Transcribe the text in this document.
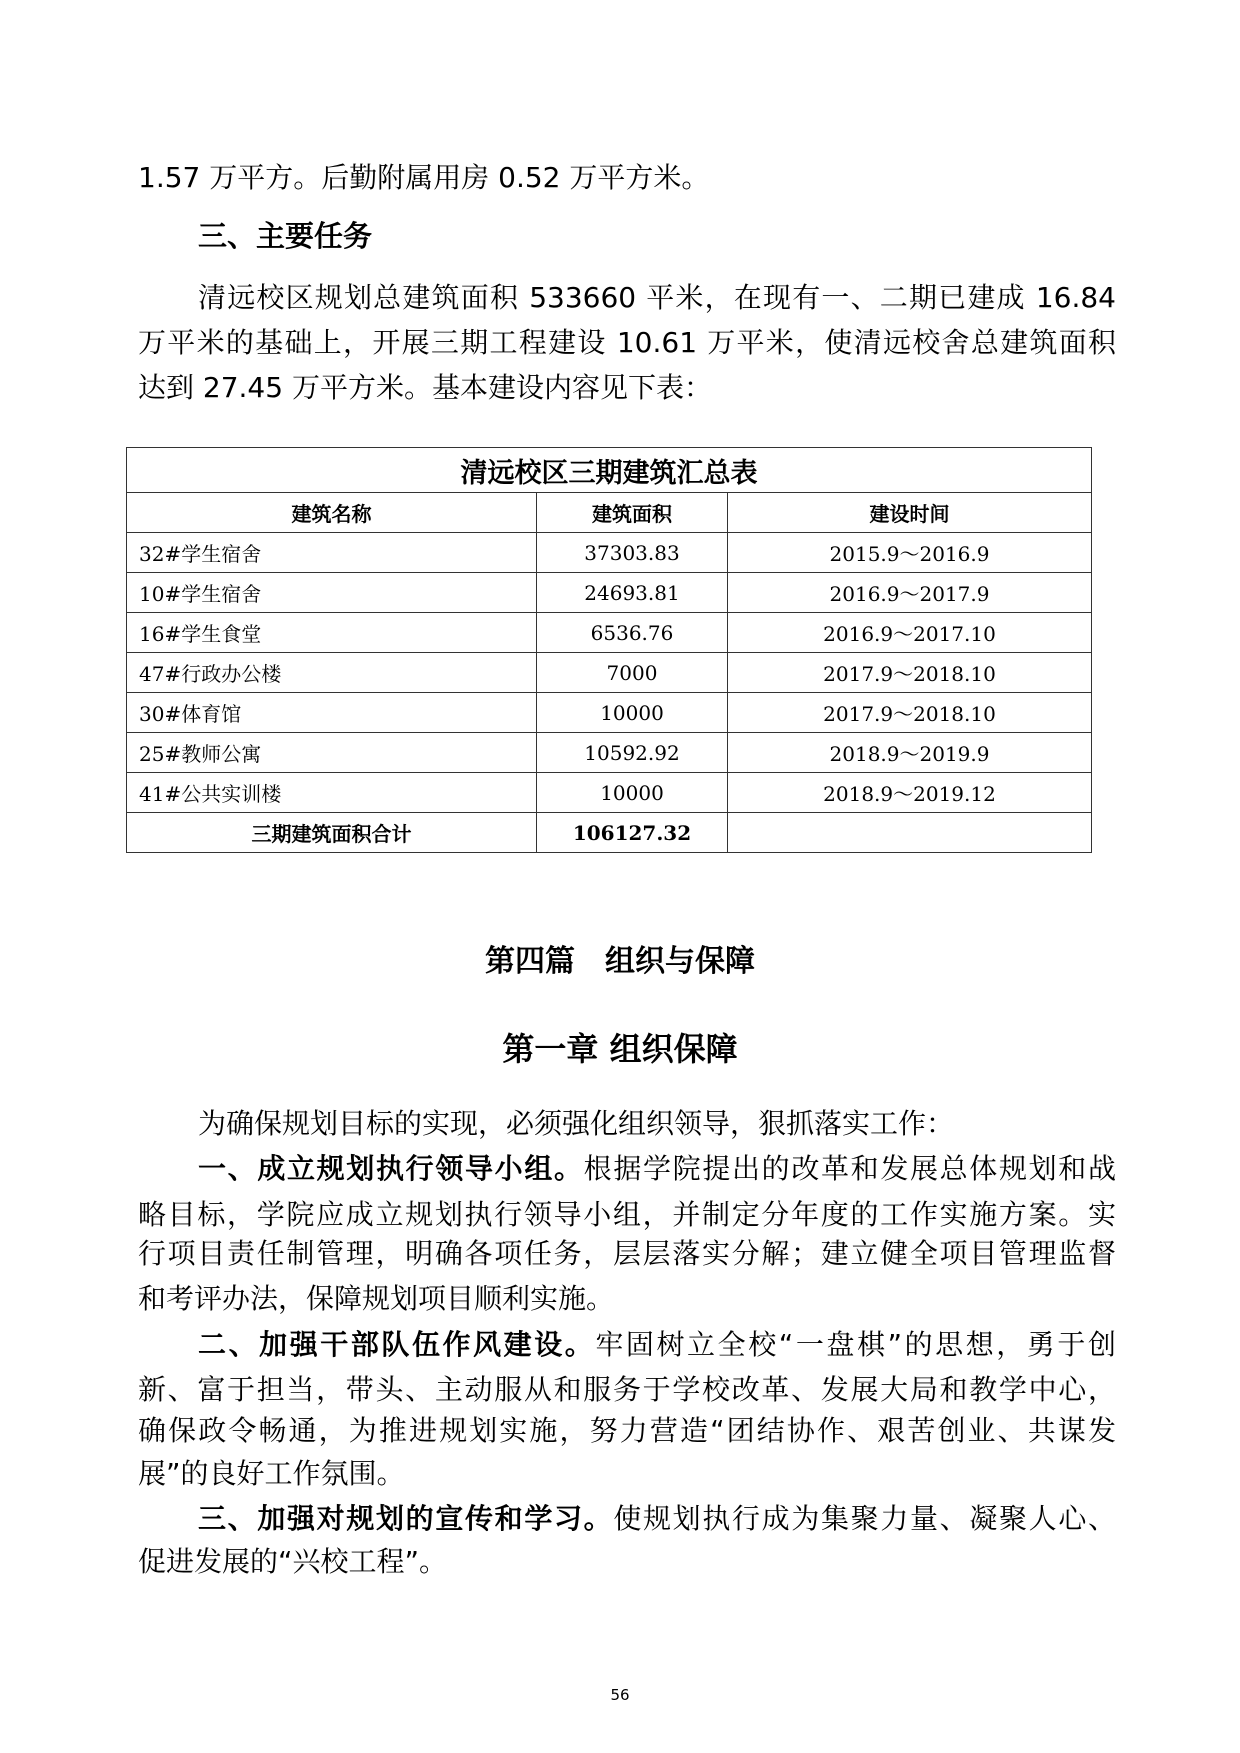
1.57 万平方。后勤附属用房 0.52 万平方米。
三、主要任务
清远校区规划总建筑面积 533660 平米，在现有一、二期已建成 16.84
万平米的基础上，开展三期工程建设 10.61 万平米，使清远校舍总建筑面积
达到 27.45 万平方米。基本建设内容见下表：
清远校区三期建筑汇总表		
建筑名称	建筑面积	建设时间
32#学生宿舍	37303.83	2015.9～2016.9
10#学生宿舍	24693.81	2016.9～2017.9
16#学生食堂	6536.76	2016.9～2017.10
47#行政办公楼	7000	2017.9～2018.10
30#体育馆	10000	2017.9～2018.10
25#教师公寓	10592.92	2018.9～2019.9
41#公共实训楼	10000	2018.9～2019.12
三期建筑面积合计	106127.32	
第四篇　组织与保障
第一章 组织保障
为确保规划目标的实现，必须强化组织领导，狠抓落实工作：
一、成立规划执行领导小组。根据学院提出的改革和发展总体规划和战
略目标，学院应成立规划执行领导小组，并制定分年度的工作实施方案。实
行项目责任制管理，明确各项任务，层层落实分解；建立健全项目管理监督
和考评办法，保障规划项目顺利实施。
二、加强干部队伍作风建设。牢固树立全校“一盘棋”的思想，勇于创
新、富于担当，带头、主动服从和服务于学校改革、发展大局和教学中心，
确保政令畅通，为推进规划实施，努力营造“团结协作、艰苦创业、共谋发
展”的良好工作氛围。
三、加强对规划的宣传和学习。使规划执行成为集聚力量、凝聚人心、
促进发展的“兴校工程”。
56
